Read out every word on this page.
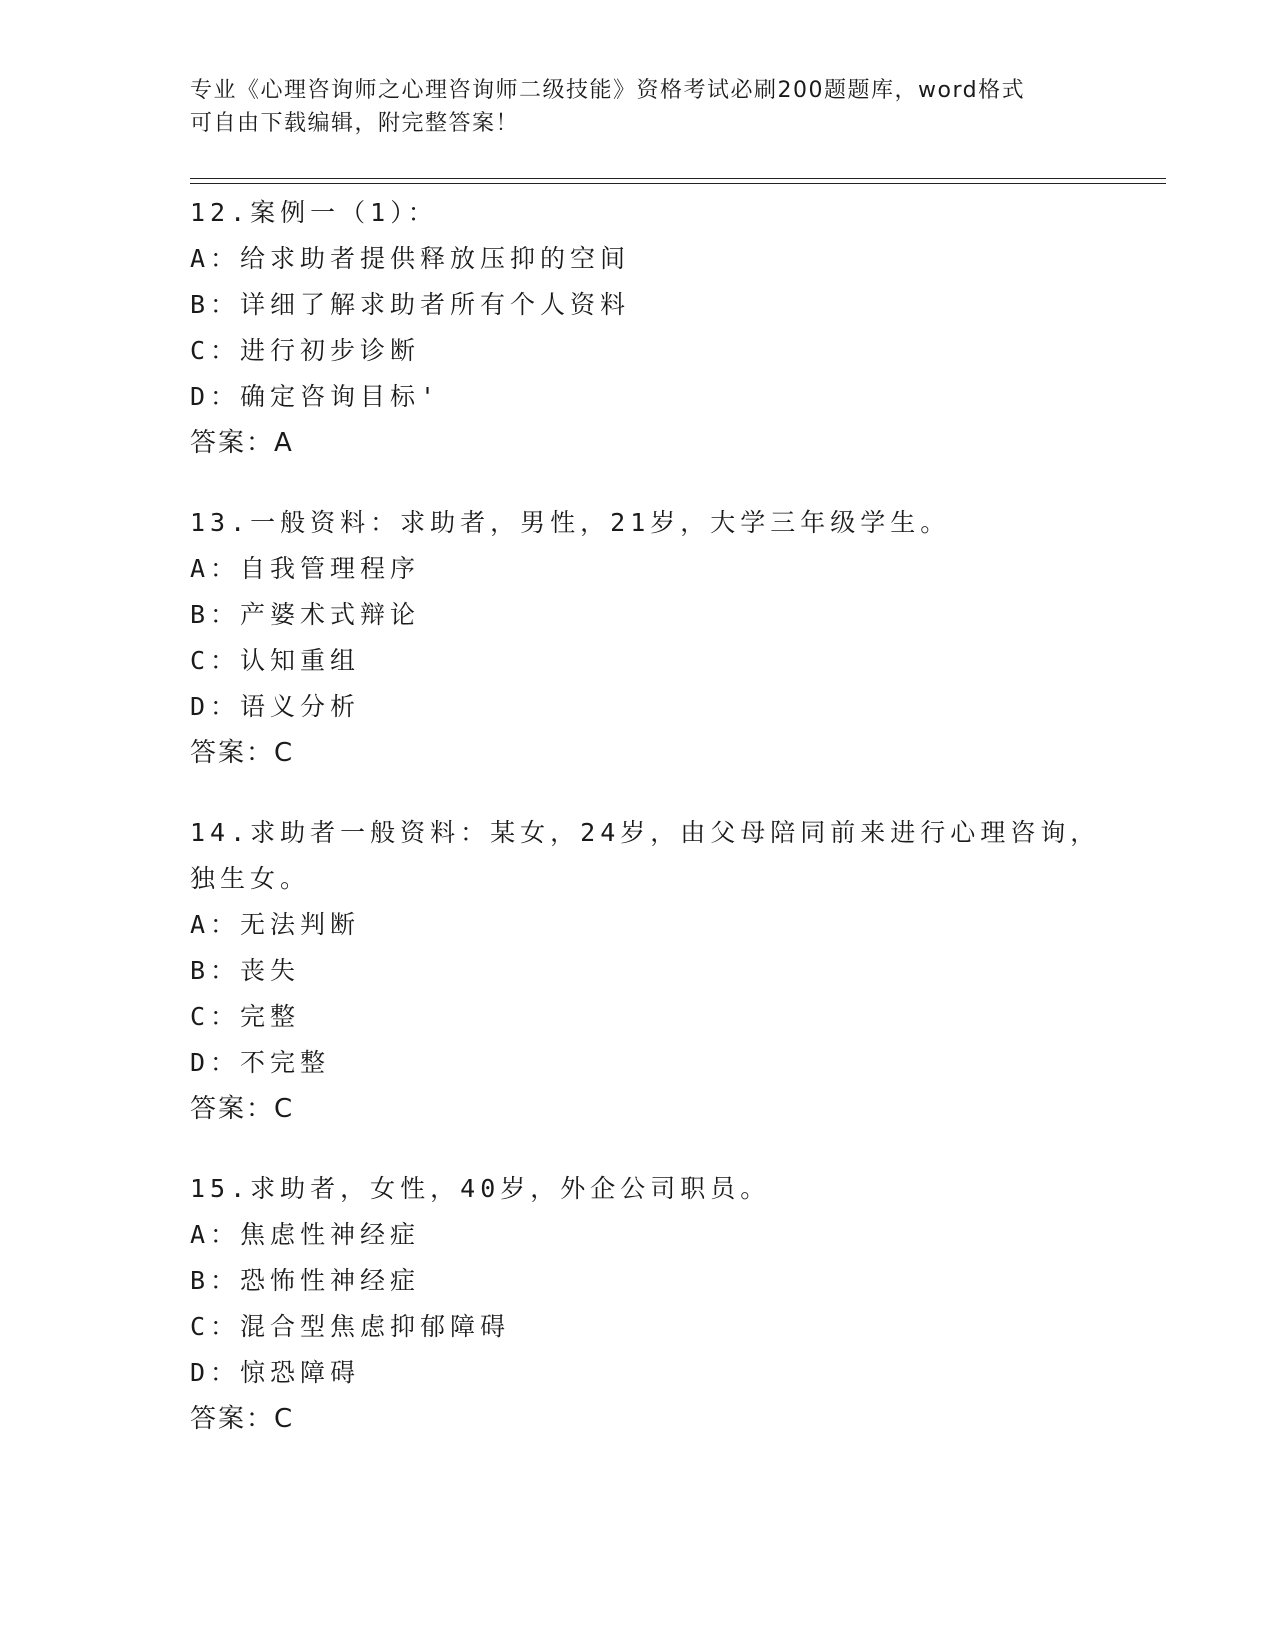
专业《心理咨询师之心理咨询师二级技能》资格考试必刷200题题库，word格式
可自由下载编辑，附完整答案！
12.案例一（1）：
A：给求助者提供释放压抑的空间
B：详细了解求助者所有个人资料
C：进行初步诊断
D：确定咨询目标'
答案：A
13.一般资料：求助者，男性，21岁，大学三年级学生。
A：自我管理程序
B：产婆术式辩论
C：认知重组
D：语义分析
答案：C
14.求助者一般资料：某女，24岁，由父母陪同前来进行心理咨询，独生女。
A：无法判断
B：丧失
C：完整
D：不完整
答案：C
15.求助者，女性，40岁，外企公司职员。
A：焦虑性神经症
B：恐怖性神经症
C：混合型焦虑抑郁障碍
D：惊恐障碍
答案：C
